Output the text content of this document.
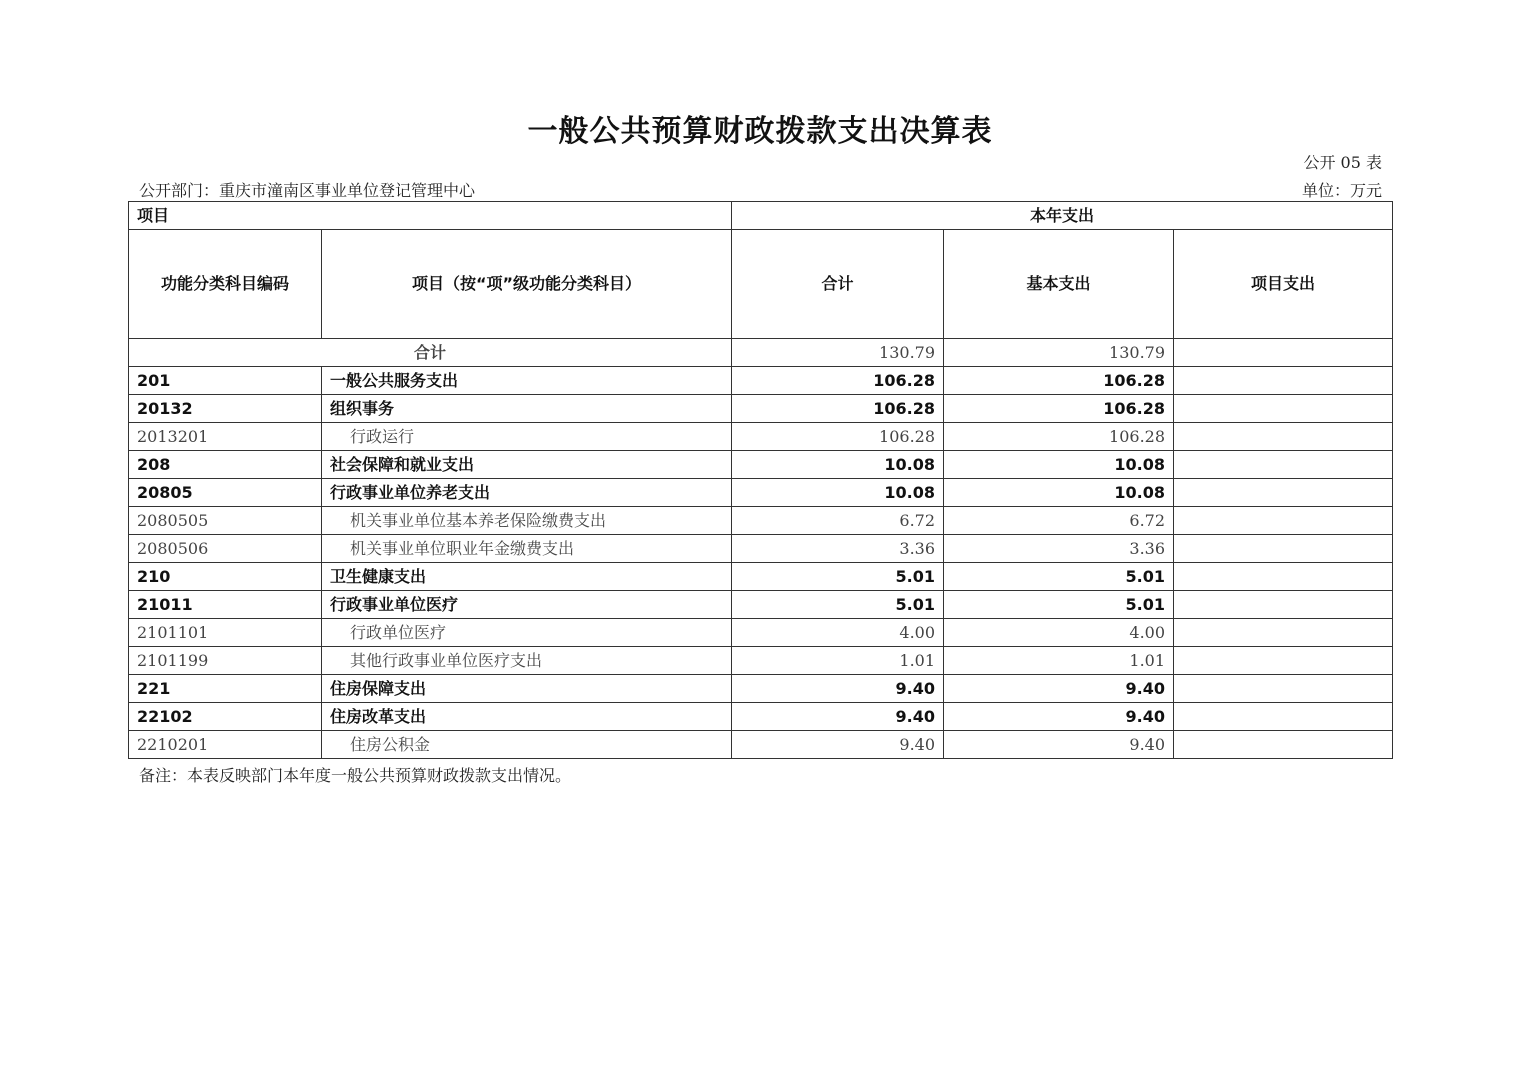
一般公共预算财政拨款支出决算表
公开 05 表
公开部门：重庆市潼南区事业单位登记管理中心	单位：万元
项目		本年支出		
功能分类科目编码	项目（按“项”级功能分类科目）	合计	基本支出	项目支出
合计		130.79	130.79	
201	一般公共服务支出	106.28	106.28	
20132	组织事务	106.28	106.28	
2013201	行政运行	106.28	106.28	
208	社会保障和就业支出	10.08	10.08	
20805	行政事业单位养老支出	10.08	10.08	
2080505	机关事业单位基本养老保险缴费支出	6.72	6.72	
2080506	机关事业单位职业年金缴费支出	3.36	3.36	
210	卫生健康支出	5.01	5.01	
21011	行政事业单位医疗	5.01	5.01	
2101101	行政单位医疗	4.00	4.00	
2101199	其他行政事业单位医疗支出	1.01	1.01	
221	住房保障支出	9.40	9.40	
22102	住房改革支出	9.40	9.40	
2210201	住房公积金	9.40	9.40	
备注：本表反映部门本年度一般公共预算财政拨款支出情况。
